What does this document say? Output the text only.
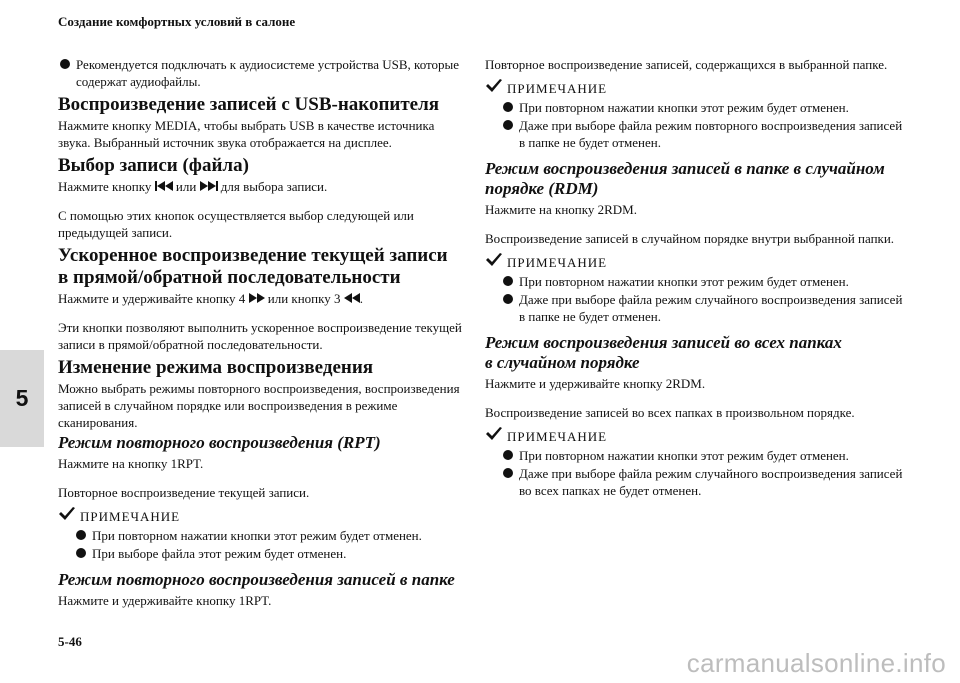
Создание комфортных условий в салоне
5
5-46
carmanualsonline.info
Рекомендуется подключать к аудиосистеме устройства USB, которые содержат аудиофайлы.
Воспроизведение записей с USB-накопителя

Нажмите кнопку MEDIA, чтобы выбрать USB в качестве источника звука. Выбранный источник звука отображается на дисплее.

Выбор записи (файла)

Нажмите кнопку  или  для выбора записи.

С помощью этих кнопок осуществляется выбор следующей или предыдущей записи.

Ускоренное воспроизведение текущей записи
в прямой/обратной последовательности

Нажмите и удерживайте кнопку 4  или кнопку 3 .

Эти кнопки позволяют выполнить ускоренное воспроизведение текущей записи в прямой/обратной последовательности.

Изменение режима воспроизведения

Можно выбрать режимы повторного воспроизведения, воспроизведения записей в случайном порядке или воспроизведения в режиме сканирования.

Режим повторного воспроизведения (RPT)

Нажмите на кнопку 1RPT.

Повторное воспроизведение текущей записи.

ПРИМЕЧАНИЕ
При повторном нажатии кнопки этот режим будет отменен.
При выборе файла этот режим будет отменен.
Режим повторного воспроизведения записей в папке

Нажмите и удерживайте кнопку 1RPT.

Повторное воспроизведение записей, содержащихся в выбранной папке.

ПРИМЕЧАНИЕ
При повторном нажатии кнопки этот режим будет отменен.
Даже при выборе файла режим повторного воспроизведения записей в папке не будет отменен.
Режим воспроизведения записей в папке в случайном
порядке (RDM)

Нажмите на кнопку 2RDM.

Воспроизведение записей в случайном порядке внутри выбранной папки.

ПРИМЕЧАНИЕ
При повторном нажатии кнопки этот режим будет отменен.
Даже при выборе файла режим случайного воспроизведения записей в папке не будет отменен.
Режим воспроизведения записей во всех папках
в случайном порядке

Нажмите и удерживайте кнопку 2RDM.

Воспроизведение записей во всех папках в произвольном порядке.

ПРИМЕЧАНИЕ
При повторном нажатии кнопки этот режим будет отменен.
Даже при выборе файла режим случайного воспроизведения записей во всех папках не будет отменен.
